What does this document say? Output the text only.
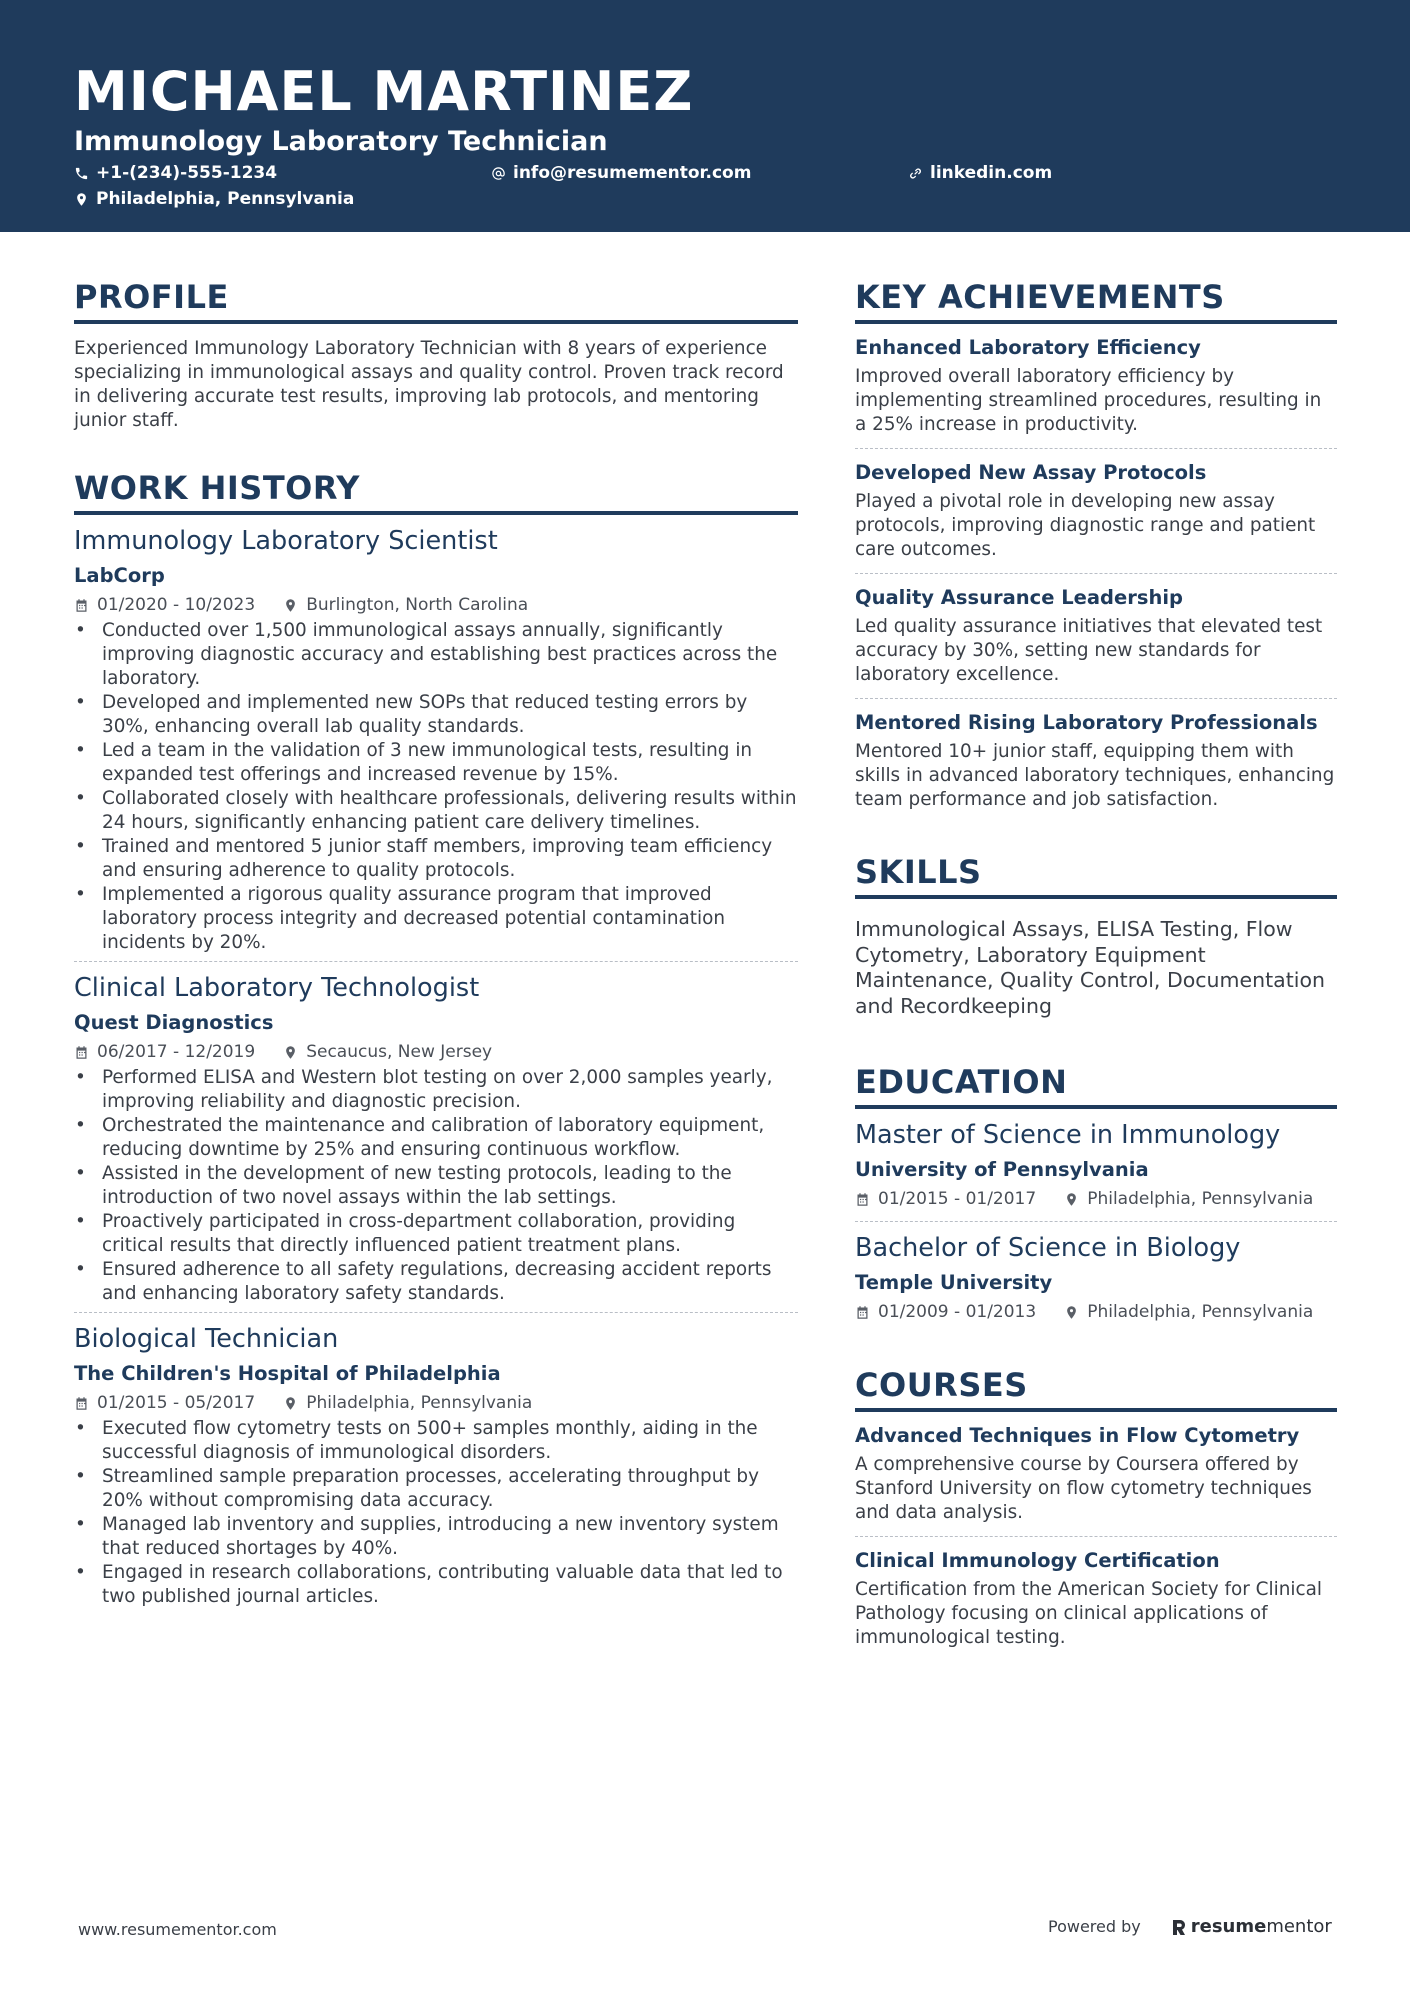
MICHAEL MARTINEZ
Immunology Laboratory Technician
+1-(234)-555-1234	info@resumementor.com	linkedin.com
Philadelphia, Pennsylvania
PROFILE
Experienced Immunology Laboratory Technician with 8 years of experience specializing in immunological assays and quality control. Proven track record in delivering accurate test results, improving lab protocols, and mentoring junior staff.
WORK HISTORY
Immunology Laboratory Scientist
LabCorp
01/2020 - 10/2023	Burlington, North Carolina
• Conducted over 1,500 immunological assays annually, significantly improving diagnostic accuracy and establishing best practices across the laboratory.
• Developed and implemented new SOPs that reduced testing errors by 30%, enhancing overall lab quality standards.
• Led a team in the validation of 3 new immunological tests, resulting in expanded test offerings and increased revenue by 15%.
• Collaborated closely with healthcare professionals, delivering results within 24 hours, significantly enhancing patient care delivery timelines.
• Trained and mentored 5 junior staff members, improving team efficiency and ensuring adherence to quality protocols.
• Implemented a rigorous quality assurance program that improved laboratory process integrity and decreased potential contamination incidents by 20%.
Clinical Laboratory Technologist
Quest Diagnostics
06/2017 - 12/2019	Secaucus, New Jersey
• Performed ELISA and Western blot testing on over 2,000 samples yearly, improving reliability and diagnostic precision.
• Orchestrated the maintenance and calibration of laboratory equipment, reducing downtime by 25% and ensuring continuous workflow.
• Assisted in the development of new testing protocols, leading to the introduction of two novel assays within the lab settings.
• Proactively participated in cross-department collaboration, providing critical results that directly influenced patient treatment plans.
• Ensured adherence to all safety regulations, decreasing accident reports and enhancing laboratory safety standards.
Biological Technician
The Children's Hospital of Philadelphia
01/2015 - 05/2017	Philadelphia, Pennsylvania
• Executed flow cytometry tests on 500+ samples monthly, aiding in the successful diagnosis of immunological disorders.
• Streamlined sample preparation processes, accelerating throughput by 20% without compromising data accuracy.
• Managed lab inventory and supplies, introducing a new inventory system that reduced shortages by 40%.
• Engaged in research collaborations, contributing valuable data that led to two published journal articles.
KEY ACHIEVEMENTS
Enhanced Laboratory Efficiency
Improved overall laboratory efficiency by implementing streamlined procedures, resulting in a 25% increase in productivity.
Developed New Assay Protocols
Played a pivotal role in developing new assay protocols, improving diagnostic range and patient care outcomes.
Quality Assurance Leadership
Led quality assurance initiatives that elevated test accuracy by 30%, setting new standards for laboratory excellence.
Mentored Rising Laboratory Professionals
Mentored 10+ junior staff, equipping them with skills in advanced laboratory techniques, enhancing team performance and job satisfaction.
SKILLS
Immunological Assays, ELISA Testing, Flow Cytometry, Laboratory Equipment Maintenance, Quality Control, Documentation and Recordkeeping
EDUCATION
Master of Science in Immunology
University of Pennsylvania
01/2015 - 01/2017	Philadelphia, Pennsylvania
Bachelor of Science in Biology
Temple University
01/2009 - 01/2013	Philadelphia, Pennsylvania
COURSES
Advanced Techniques in Flow Cytometry
A comprehensive course by Coursera offered by Stanford University on flow cytometry techniques and data analysis.
Clinical Immunology Certification
Certification from the American Society for Clinical Pathology focusing on clinical applications of immunological testing.
www.resumementor.com	Powered by	resume mentor
